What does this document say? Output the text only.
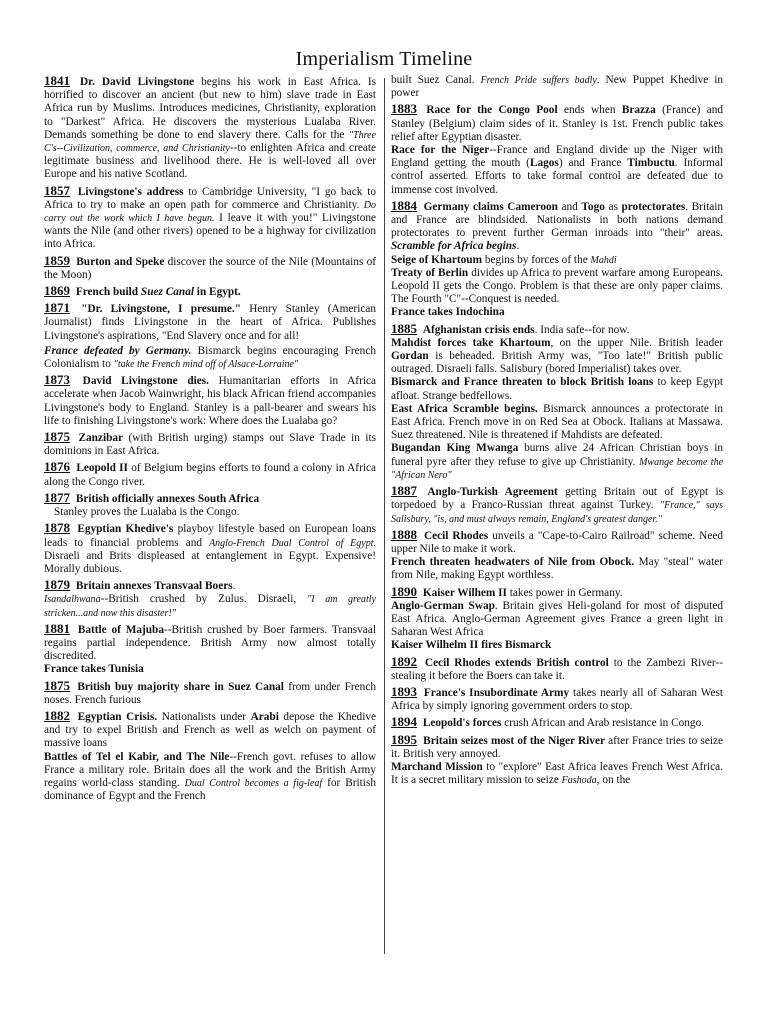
Imperialism Timeline

1841 Dr. David Livingstone begins his work in East Africa. Is horrified to discover an ancient (but new to him) slave trade in East Africa run by Muslims. Introduces medicines, Christianity, exploration to "Darkest" Africa. He discovers the mysterious Lualaba River. Demands something be done to end slavery there. Calls for the "Three C's--Civilization, commerce, and Christianity--to enlighten Africa and create legitimate business and livelihood there. He is well-loved all over Europe and his native Scotland.

1857 Livingstone's address to Cambridge University, "I go back to Africa to try to make an open path for commerce and Christianity. Do carry out the work which I have begun. I leave it with you!" Livingstone wants the Nile (and other rivers) opened to be a highway for civilization into Africa.

1859 Burton and Speke discover the source of the Nile (Mountains of the Moon)

1869 French build Suez Canal in Egypt.

1871 "Dr. Livingstone, I presume." Henry Stanley (American Journalist) finds Livingstone in the heart of Africa. Publishes Livingstone's aspirations, "End Slavery once and for all!

France defeated by Germany. Bismarck begins encouraging French Colonialism to "take the French mind off of Alsace-Lorraine"

1873 David Livingstone dies. Humanitarian efforts in Africa accelerate when Jacob Wainwright, his black African friend accompanies Livingstone's body to England. Stanley is a pall-bearer and swears his life to finishing Livingstone's work: Where does the Lualaba go?

1875 Zanzibar (with British urging) stamps out Slave Trade in its dominions in East Africa.

1876 Leopold II of Belgium begins efforts to found a colony in Africa along the Congo river.

1877 British officially annexes South Africa

Stanley proves the Lualaba is the Congo.

1878 Egyptian Khedive's playboy lifestyle based on European loans leads to financial problems and Anglo-French Dual Control of Egypt. Disraeli and Brits displeased at entanglement in Egypt. Expensive! Morally dubious.

1879 Britain annexes Transvaal Boers.

Isandalhwana--British crushed by Zulus. Disraeli, "I am greatly stricken...and now this disaster!"

1881 Battle of Majuba--British crushed by Boer farmers. Transvaal regains partial independence. British Army now almost totally discredited.

France takes Tunisia

1875 British buy majority share in Suez Canal from under French noses. French furious

1882 Egyptian Crisis. Nationalists under Arabi depose the Khedive and try to expel British and French as well as welch on payment of massive loans

Battles of Tel el Kabir, and The Nile--French govt. refuses to allow France a military role. Britain does all the work and the British Army regains world-class standing. Dual Control becomes a fig-leaf for British dominance of Egypt and the French

built Suez Canal. French Pride suffers badly. New Puppet Khedive in power

1883 Race for the Congo Pool ends when Brazza (France) and Stanley (Belgium) claim sides of it. Stanley is 1st. French public takes relief after Egyptian disaster.

Race for the Niger--France and England divide up the Niger with England getting the mouth (Lagos) and France Timbuctu. Informal control asserted. Efforts to take formal control are defeated due to immense cost involved.

1884 Germany claims Cameroon and Togo as protectorates. Britain and France are blindsided. Nationalists in both nations demand protectorates to prevent further German inroads into "their" areas. Scramble for Africa begins.

Seige of Khartoum begins by forces of the Mahdi

Treaty of Berlin divides up Africa to prevent warfare among Europeans. Leopold II gets the Congo. Problem is that these are only paper claims. The Fourth "C"--Conquest is needed.

France takes Indochina

1885 Afghanistan crisis ends. India safe--for now.

Mahdist forces take Khartoum, on the upper Nile. British leader Gordan is beheaded. British Army was, "Too late!" British public outraged. Disraeli falls. Salisbury (bored Imperialist) takes over.

Bismarck and France threaten to block British loans to keep Egypt afloat. Strange bedfellows.

East Africa Scramble begins. Bismarck announces a protectorate in East Africa. French move in on Red Sea at Obock. Italians at Massawa. Suez threatened. Nile is threatened if Mahdists are defeated.

Bugandan King Mwanga burns alive 24 African Christian boys in funeral pyre after they refuse to give up Christianity. Mwange become the "African Nero"

1887 Anglo-Turkish Agreement getting Britain out of Egypt is torpedoed by a Franco-Russian threat against Turkey. "France," says Salisbury, "is, and must always remain, England's greatest danger."

1888 Cecil Rhodes unveils a "Cape-to-Cairo Railroad" scheme. Need upper Nile to make it work.

French threaten headwaters of Nile from Obock. May "steal" water from Nile, making Egypt worthless.

1890 Kaiser Wilhem II takes power in Germany.

Anglo-German Swap. Britain gives Heli-goland for most of disputed East Africa. Anglo-German Agreement gives France a green light in Saharan West Africa

Kaiser Wilhelm II fires Bismarck

1892 Cecil Rhodes extends British control to the Zambezi River--stealing it before the Boers can take it.

1893 France's Insubordinate Army takes nearly all of Saharan West Africa by simply ignoring government orders to stop.

1894 Leopold's forces crush African and Arab resistance in Congo.

1895 Britain seizes most of the Niger River after France tries to seize it. British very annoyed.

Marchand Mission to "explore" East Africa leaves French West Africa. It is a secret military mission to seize Fashoda, on the
